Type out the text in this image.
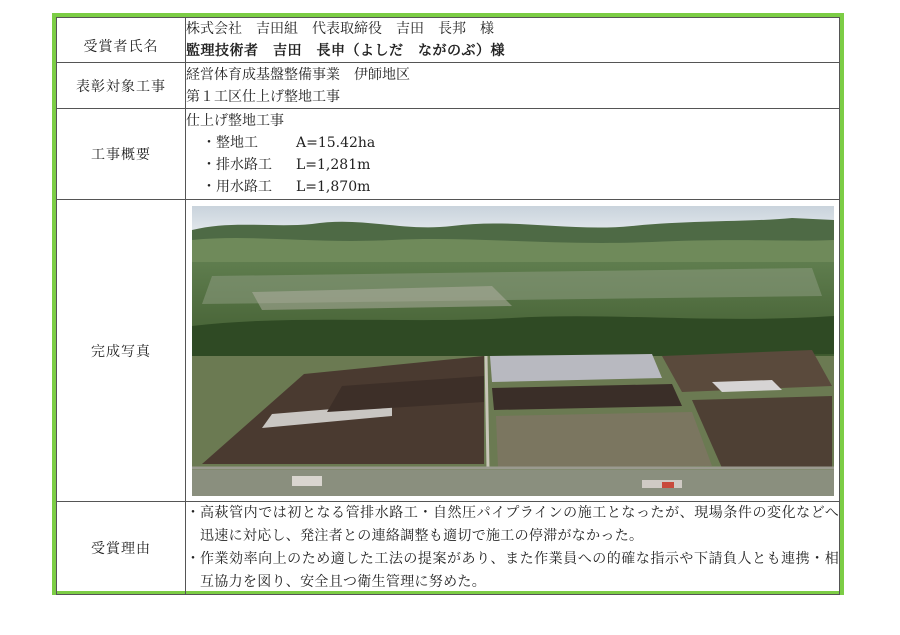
受賞者氏名	株式会社　吉田組　代表取締役　吉田　長邦　様
監理技術者　吉田　長申（よしだ　ながのぶ）様

表彰対象工事	経営体育成基盤整備事業　伊師地区
第１工区仕上げ整地工事

工事概要	仕上げ整地工事
・整地工 A=15.42ha
・排水路工 L=1,281m
・用水路工 L=1,870m

完成写真	

受賞理由	・ 高萩管内では初となる管排水路工・自然圧パイプラインの施工となったが、現場条件の変化などへ迅速に対応し、発注者との連絡調整も適切で施工の停滞がなかった。
・ 作業効率向上のため適した工法の提案があり、また作業員への的確な指示や下請負人とも連携・相互協力を図り、安全且つ衛生管理に努めた。
